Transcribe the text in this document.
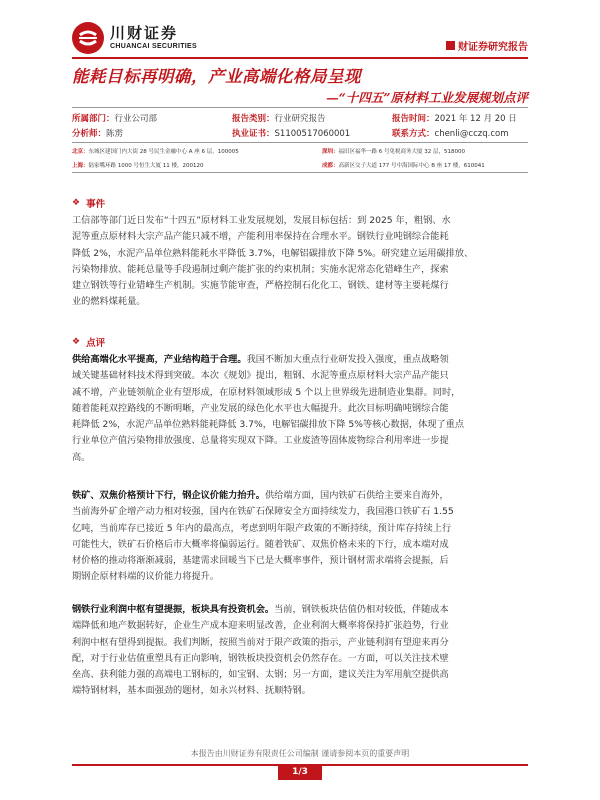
川财证券
CHUANCAI SECURITIES	财证券研究报告
能耗目标再明确，产业高端化格局呈现
—“十四五”原材料工业发展规划点评
所属部门：行业公司部	报告类别：行业研究报告	报告时间：2021 年 12 月 20 日
分析师：陈雳	执业证书：S1100517060001	联系方式：chenli@cczq.com
北京：东城区建国门内大街 28 号民生金融中心 A 座 6 层，100005	深圳：福田区福华一路 6 号免税商务大厦 32 层，518000
上海：陆家嘴环路 1000 号恒生大厦 11 楼，200120	成都：高新区交子大道 177 号中海国际中心 B 座 17 楼，610041
❖ 事件
工信部等部门近日发布“十四五”原材料工业发展规划，发展目标包括：到 2025 年，粗钢、水
泥等重点原材料大宗产品产能只减不增，产能利用率保持在合理水平。钢铁行业吨钢综合能耗
降低 2%，水泥产品单位熟料能耗水平降低 3.7%，电解铝碳排放下降 5%。研究建立运用碳排放、
污染物排放、能耗总量等手段遏制过剩产能扩张的约束机制；实施水泥常态化错峰生产，探索
建立钢铁等行业错峰生产机制。实施节能审查，严格控制石化化工、钢铁、建材等主要耗煤行
业的燃料煤耗量。
❖ 点评
供给高端化水平提高，产业结构趋于合理。我国不断加大重点行业研发投入强度，重点战略领
域关键基础材料技术得到突破。本次《规划》提出，粗钢、水泥等重点原材料大宗产品产能只
减不增，产业链领航企业有望形成，在原材料领域形成 5 个以上世界级先进制造业集群。同时，
随着能耗双控路线的不断明晰，产业发展的绿色化水平也大幅提升。此次目标明确吨钢综合能
耗降低 2%，水泥产品单位熟料能耗降低 3.7%，电解铝碳排放下降 5%等核心数据，体现了重点
行业单位产值污染物排放强度、总量将实现双下降。工业废渣等固体废物综合利用率进一步提
高。
铁矿、双焦价格预计下行，钢企议价能力抬升。供给端方面，国内铁矿石供给主要来自海外，
当前海外矿企增产动力相对较强，国内在铁矿石保障安全方面持续发力，我国港口铁矿石 1.55
亿吨，当前库存已接近 5 年内的最高点，考虑到明年限产政策的不断持续，预计库存持续上行
可能性大，铁矿石价格后市大概率将偏弱运行。随着铁矿、双焦价格未来的下行，成本端对成
材价格的推动将渐渐减弱，基建需求回暖当下已是大概率事件，预计钢材需求端将会提振，后
期钢企原材料端的议价能力将提升。
钢铁行业利润中枢有望提振，板块具有投资机会。当前，钢铁板块估值仍相对较低，伴随成本
端降低和地产数据转好，企业生产成本迎来明显改善，企业利润大概率将保持扩张趋势，行业
利润中枢有望得到提振。我们判断，按照当前对于限产政策的指示，产业链利润有望迎来再分
配，对于行业估值重塑具有正向影响，钢铁板块投资机会仍然存在。一方面，可以关注技术壁
垒高、获利能力强的高端电工钢标的，如宝钢、太钢；另一方面，建议关注为军用航空提供高
端特钢材料，基本面强劲的题材，如永兴材料、抚顺特钢。
本报告由川财证券有限责任公司编制 谨请参阅本页的重要声明
1/3
